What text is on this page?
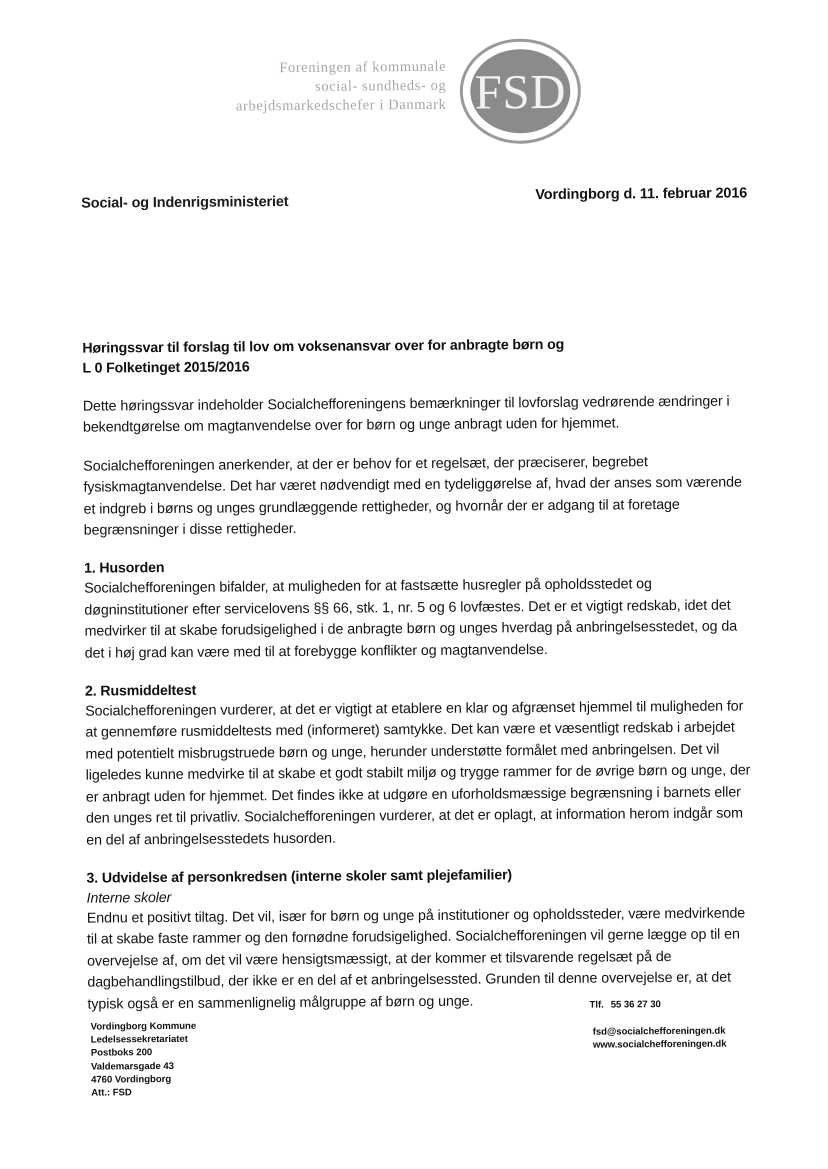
Foreningen af kommunale
social- sundheds- og
arbejdsmarkedschefer i Danmark FSD
Social- og Indenrigsministeriet	Vordingborg d. 11. februar 2016
Høringssvar til forslag til lov om voksenansvar over for anbragte børn og
L 0 Folketinget 2015/2016

Dette høringssvar indeholder Socialchefforeningens bemærkninger til lovforslag vedrørende ændringer i bekendtgørelse om magtanvendelse over for børn og unge anbragt uden for hjemmet.

Socialchefforeningen anerkender, at der er behov for et regelsæt, der præciserer, begrebet fysiskmagtanvendelse. Det har været nødvendigt med en tydeliggørelse af, hvad der anses som værende et indgreb i børns og unges grundlæggende rettigheder, og hvornår der er adgang til at foretage begrænsninger i disse rettigheder.

1. Husorden

Socialchefforeningen bifalder, at muligheden for at fastsætte husregler på opholdsstedet og døgninstitutioner efter servicelovens §§ 66, stk. 1, nr. 5 og 6 lovfæstes. Det er et vigtigt redskab, idet det medvirker til at skabe forudsigelighed i de anbragte børn og unges hverdag på anbringelsesstedet, og da det i høj grad kan være med til at forebygge konflikter og magtanvendelse.

2. Rusmiddeltest

Socialchefforeningen vurderer, at det er vigtigt at etablere en klar og afgrænset hjemmel til muligheden for at gennemføre rusmiddeltests med (informeret) samtykke. Det kan være et væsentligt redskab i arbejdet med potentielt misbrugstruede børn og unge, herunder understøtte formålet med anbringelsen. Det vil ligeledes kunne medvirke til at skabe et godt stabilt miljø og trygge rammer for de øvrige børn og unge, der er anbragt uden for hjemmet. Det findes ikke at udgøre en uforholdsmæssige begrænsning i barnets eller den unges ret til privatliv. Socialchefforeningen vurderer, at det er oplagt, at information herom indgår som en del af anbringelsesstedets husorden.

3. Udvidelse af personkredsen (interne skoler samt plejefamilier)
Interne skoler

Endnu et positivt tiltag. Det vil, især for børn og unge på institutioner og opholdssteder, være medvirkende til at skabe faste rammer og den fornødne forudsigelighed. Socialchefforeningen vil gerne lægge op til en overvejelse af, om det vil være hensigtsmæssigt, at der kommer et tilsvarende regelsæt på de dagbehandlingstilbud, der ikke er en del af et anbringelsessted. Grunden til denne overvejelse er, at det typisk også er en sammenlignelig målgruppe af børn og unge.

Vordingborg Kommune
Ledelsessekretariatet
Postboks 200
Valdemarsgade 43
4760 Vordingborg
Att.: FSD
Tlf. 55 36 27 30
fsd@socialchefforeningen.dk
www.socialchefforeningen.dk
